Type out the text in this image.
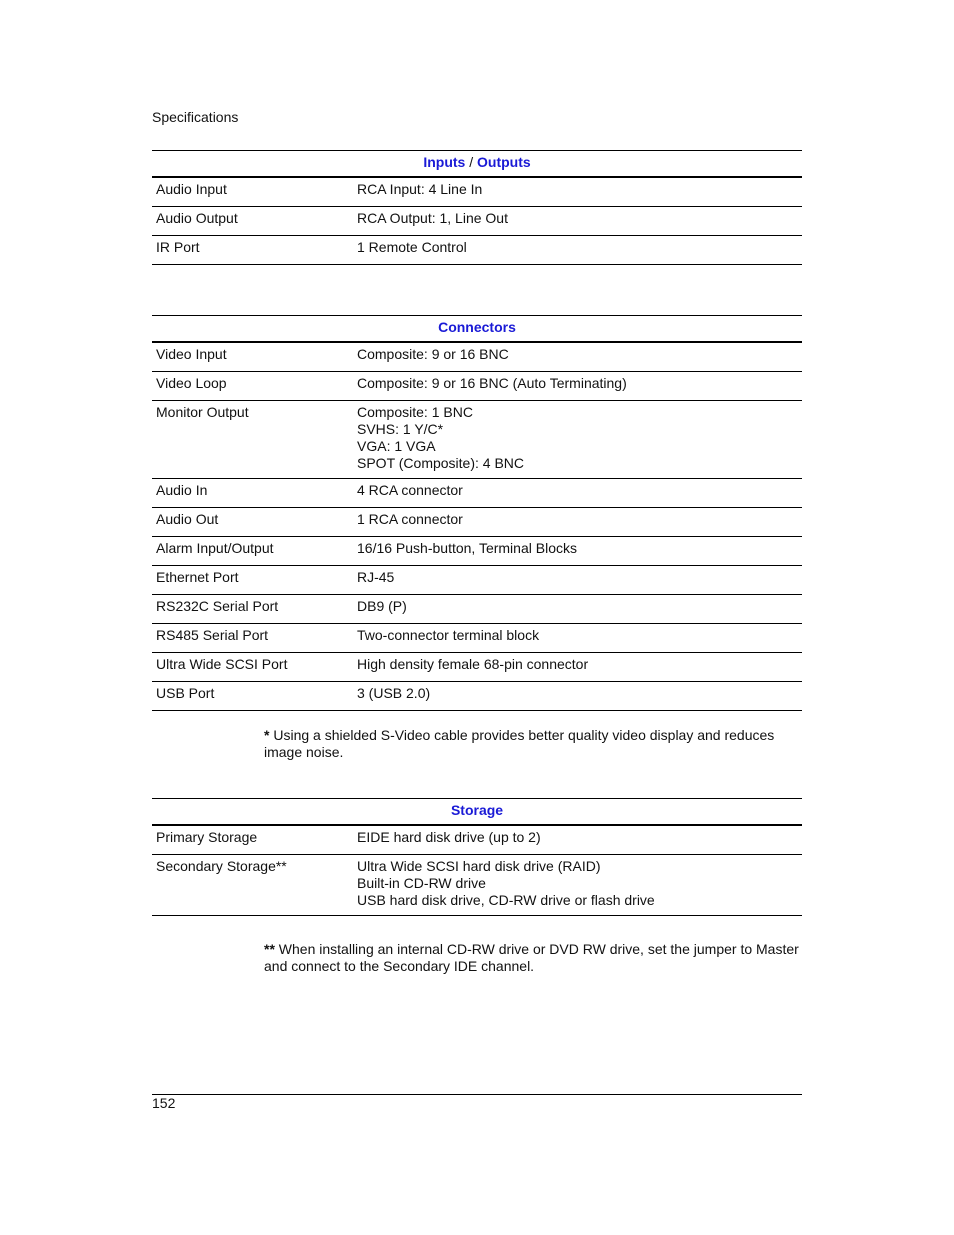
Specifications
Inputs / Outputs
Audio Input	RCA Input: 4 Line In
Audio Output	RCA Output: 1, Line Out
IR Port	1 Remote Control
Connectors
Video Input	Composite: 9 or 16 BNC
Video Loop	Composite: 9 or 16 BNC (Auto Terminating)
Monitor Output	Composite: 1 BNC
SVHS: 1 Y/C*
VGA: 1 VGA
SPOT (Composite): 4 BNC
Audio In	4 RCA connector
Audio Out	1 RCA connector
Alarm Input/Output	16/16 Push-button, Terminal Blocks
Ethernet Port	RJ-45
RS232C Serial Port	DB9 (P)
RS485 Serial Port	Two-connector terminal block
Ultra Wide SCSI Port	High density female 68-pin connector
USB Port	3 (USB 2.0)
* Using a shielded S-Video cable provides better quality video display and reduces image noise.
Storage
Primary Storage	EIDE hard disk drive (up to 2)
Secondary Storage**	Ultra Wide SCSI hard disk drive (RAID)
Built-in CD-RW drive
USB hard disk drive, CD-RW drive or flash drive
** When installing an internal CD-RW drive or DVD RW drive, set the jumper to Master and connect to the Secondary IDE channel.
152
